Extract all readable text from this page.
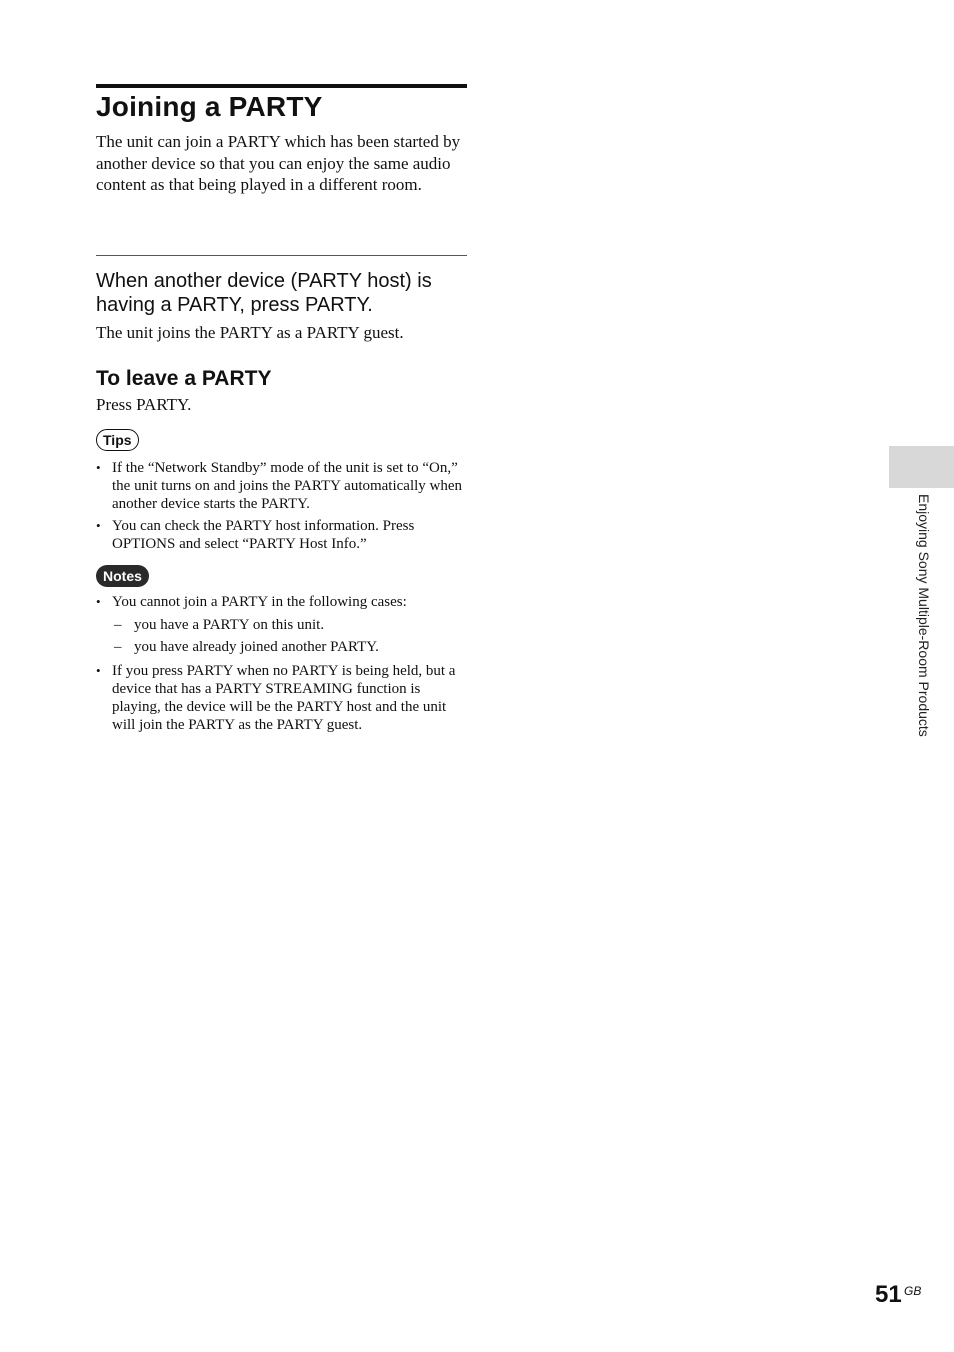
Joining a PARTY

The unit can join a PARTY which has been started by another device so that you can enjoy the same audio content as that being played in a different room.

When another device (PARTY host) is having a PARTY, press PARTY.

The unit joins the PARTY as a PARTY guest.

To leave a PARTY

Press PARTY.

Tips
• If the “Network Standby” mode of the unit is set to “On,” the unit turns on and joins the PARTY automatically when another device starts the PARTY.
• You can check the PARTY host information. Press OPTIONS and select “PARTY Host Info.”
Notes
• You cannot join a PARTY in the following cases:
– you have a PARTY on this unit.
– you have already joined another PARTY.
• If you press PARTY when no PARTY is being held, but a device that has a PARTY STREAMING function is playing, the device will be the PARTY host and the unit will join the PARTY as the PARTY guest.	Enjoying Sony Multiple-Room Products
51 GB
